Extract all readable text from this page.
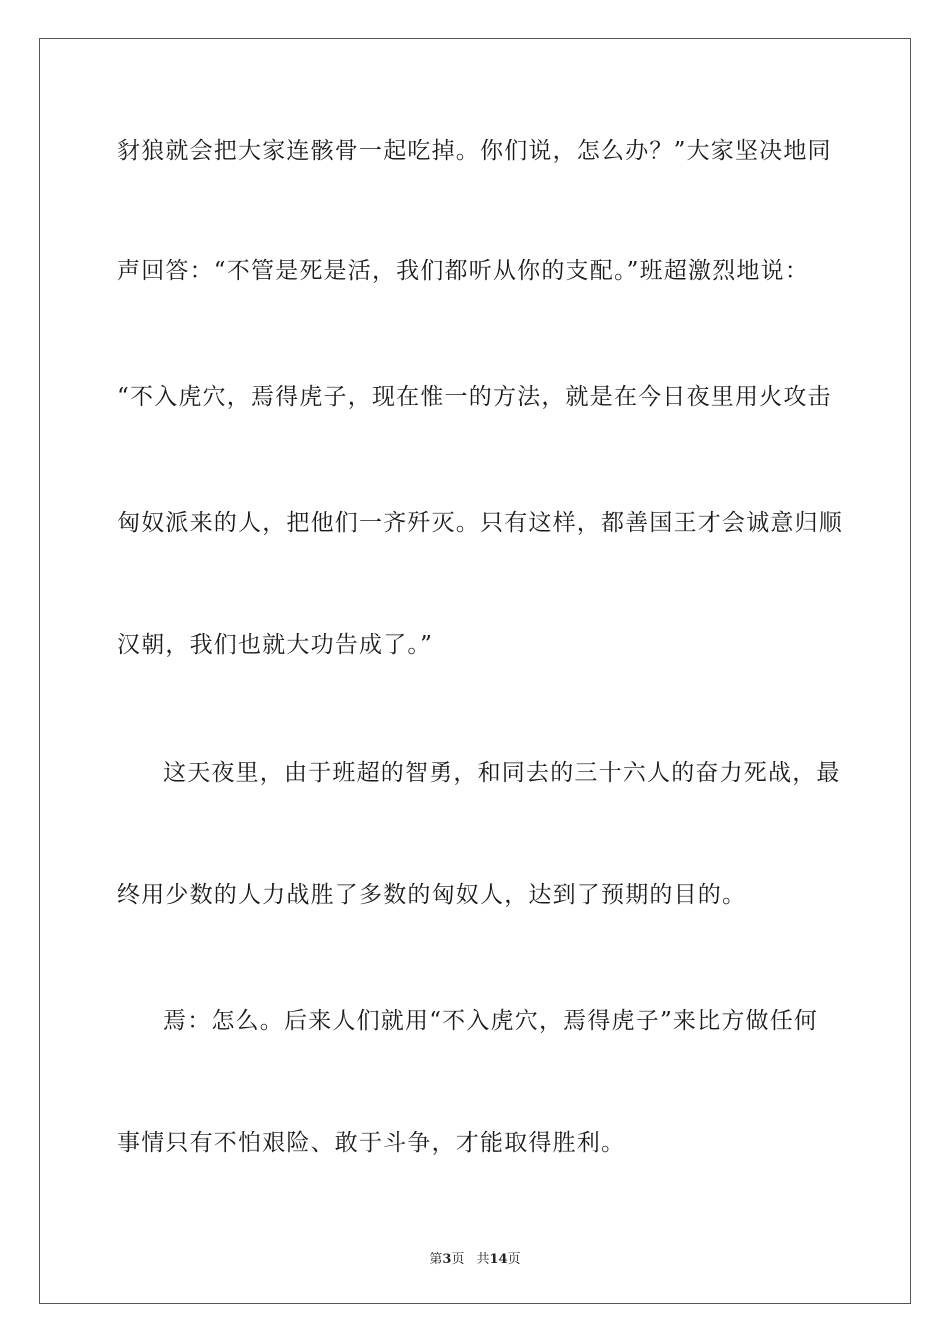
豺狼就会把大家连骸骨一起吃掉。你们说，怎么办？”大家坚决地同
声回答：“不管是死是活，我们都听从你的支配。”班超激烈地说：
“不入虎穴，焉得虎子，现在惟一的方法，就是在今日夜里用火攻击
匈奴派来的人，把他们一齐歼灭。只有这样，都善国王才会诚意归顺
汉朝，我们也就大功告成了。”
这天夜里，由于班超的智勇，和同去的三十六人的奋力死战，最
终用少数的人力战胜了多数的匈奴人，达到了预期的目的。
焉：怎么。后来人们就用“不入虎穴，焉得虎子”来比方做任何
事情只有不怕艰险、敢于斗争，才能取得胜利。
第3页 共14页
